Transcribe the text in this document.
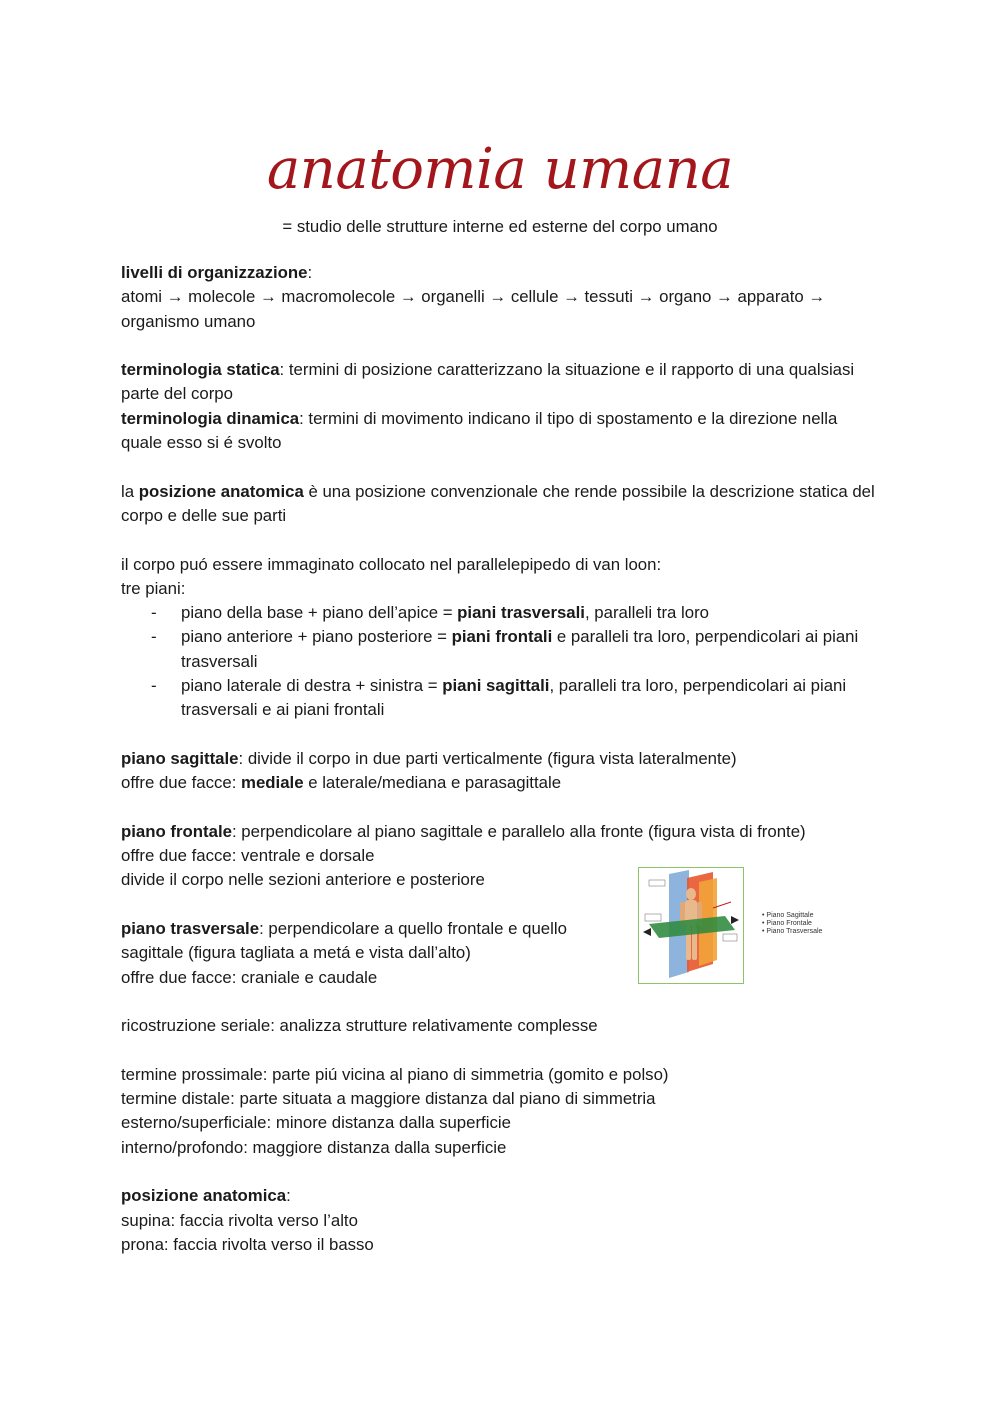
anatomia umana
= studio delle strutture interne ed esterne del corpo umano

livelli di organizzazione:
atomi → molecole → macromolecole → organelli → cellule → tessuti → organo → apparato → organismo umano

terminologia statica: termini di posizione caratterizzano la situazione e il rapporto di una qualsiasi parte del corpo

terminologia dinamica: termini di movimento indicano il tipo di spostamento e la direzione nella quale esso si é svolto

la posizione anatomica è una posizione convenzionale che rende possibile la descrizione statica del corpo e delle sue parti

il corpo puó essere immaginato collocato nel parallelepipedo di van loon:
tre piani:

- piano della base + piano dell’apice = piani trasversali, paralleli tra loro
- piano anteriore + piano posteriore = piani frontali e paralleli tra loro, perpendicolari ai piani trasversali
- piano laterale di destra + sinistra = piani sagittali, paralleli tra loro, perpendicolari ai piani trasversali e ai piani frontali

piano sagittale: divide il corpo in due parti verticalmente (figura vista lateralmente)
offre due facce: mediale e laterale/mediana e parasagittale

piano frontale: perpendicolare al piano sagittale e parallelo alla fronte (figura vista di fronte)
offre due facce: ventrale e dorsale
divide il corpo nelle sezioni anteriore e posteriore

piano trasversale: perpendicolare a quello frontale e quello sagittale (figura tagliata a metá e vista dall’alto)
offre due facce: craniale e caudale

ricostruzione seriale: analizza strutture relativamente complesse

termine prossimale: parte piú vicina al piano di simmetria (gomito e polso)
termine distale: parte situata a maggiore distanza dal piano di simmetria
esterno/superficiale: minore distanza dalla superficie
interno/profondo: maggiore distanza dalla superficie

posizione anatomica:
supina: faccia rivolta verso l’alto
prona: faccia rivolta verso il basso

• Piano Sagittale
• Piano Frontale
• Piano Trasversale
